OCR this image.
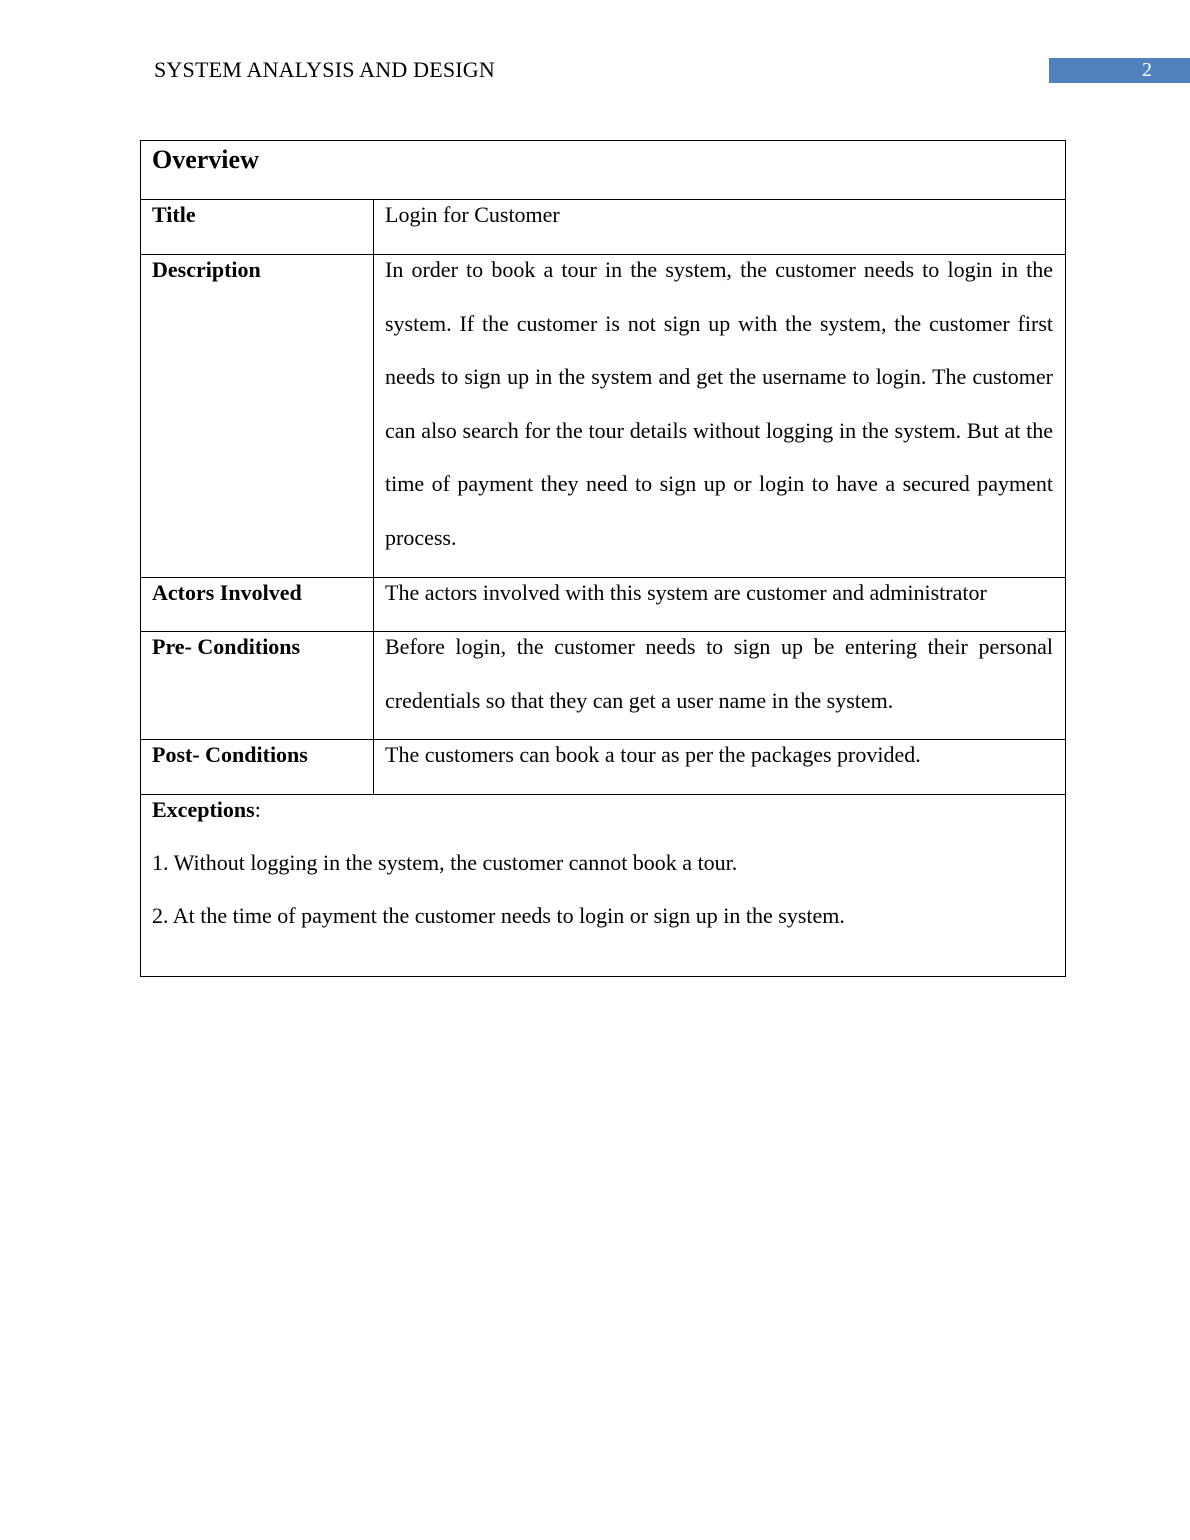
SYSTEM ANALYSIS AND DESIGN	2
Overview	
Title	Login for Customer

Description	In order to book a tour in the system, the customer needs to login in the system. If the customer is not sign up with the system, the customer first needs to sign up in the system and get the username to login. The customer can also search for the tour details without logging in the system. But at the time of payment they need to sign up or login to have a secured payment process.

Actors Involved	The actors involved with this system are customer and administrator

Pre- Conditions	Before login, the customer needs to sign up be entering their personal credentials so that they can get a user name in the system.

Post- Conditions	The customers can book a tour as per the packages provided.

Exceptions:

1. Without logging in the system, the customer cannot book a tour.

2. At the time of payment the customer needs to login or sign up in the system.	
